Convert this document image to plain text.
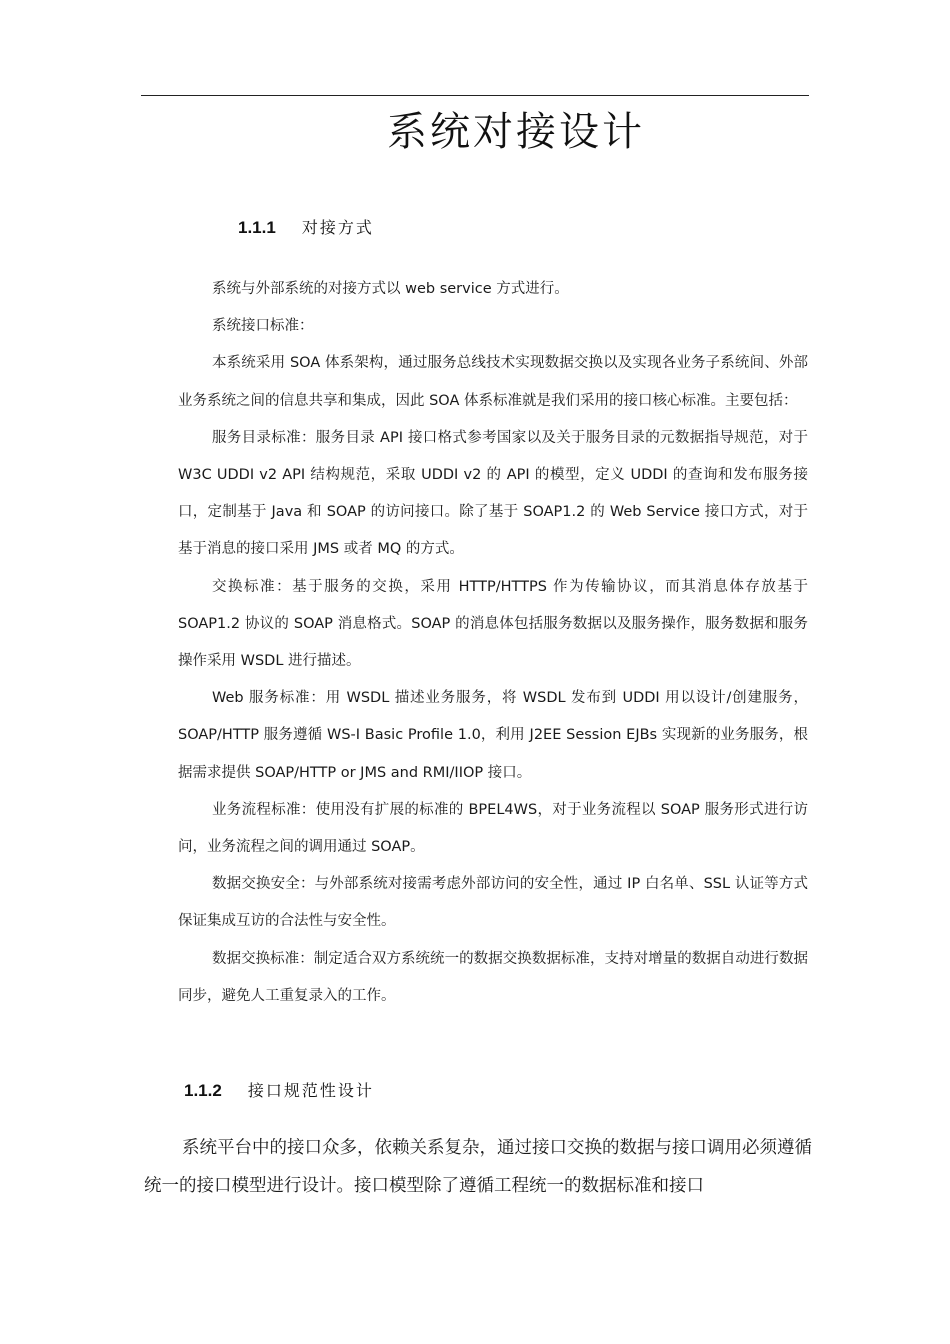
系统对接设计
1.1.1 对接方式

系统与外部系统的对接方式以 web service 方式进行。

系统接口标准：

本系统采用 SOA 体系架构，通过服务总线技术实现数据交换以及实现各业务子系统间、外部业务系统之间的信息共享和集成，因此 SOA 体系标准就是我们采用的接口核心标准。主要包括：

服务目录标准：服务目录 API 接口格式参考国家以及关于服务目录的元数据指导规范，对于 W3C UDDI v2 API 结构规范，采取 UDDI v2 的 API 的模型，定义 UDDI 的查询和发布服务接口，定制基于 Java 和 SOAP 的访问接口。除了基于 SOAP1.2 的 Web Service 接口方式，对于基于消息的接口采用 JMS 或者 MQ 的方式。

交换标准：基于服务的交换，采用 HTTP/HTTPS 作为传输协议，而其消息体存放基于 SOAP1.2 协议的 SOAP 消息格式。SOAP 的消息体包括服务数据以及服务操作，服务数据和服务操作采用 WSDL 进行描述。

Web 服务标准：用 WSDL 描述业务服务，将 WSDL 发布到 UDDI 用以设计/创建服务，SOAP/HTTP 服务遵循 WS-I Basic Profile 1.0，利用 J2EE Session EJBs 实现新的业务服务，根据需求提供 SOAP/HTTP or JMS and RMI/IIOP 接口。

业务流程标准：使用没有扩展的标准的 BPEL4WS，对于业务流程以 SOAP 服务形式进行访问，业务流程之间的调用通过 SOAP。

数据交换安全：与外部系统对接需考虑外部访问的安全性，通过 IP 白名单、SSL 认证等方式保证集成互访的合法性与安全性。

数据交换标准：制定适合双方系统统一的数据交换数据标准，支持对增量的数据自动进行数据同步，避免人工重复录入的工作。

1.1.2 接口规范性设计

系统平台中的接口众多，依赖关系复杂，通过接口交换的数据与接口调用必须遵循统一的接口模型进行设计。接口模型除了遵循工程统一的数据标准和接口
